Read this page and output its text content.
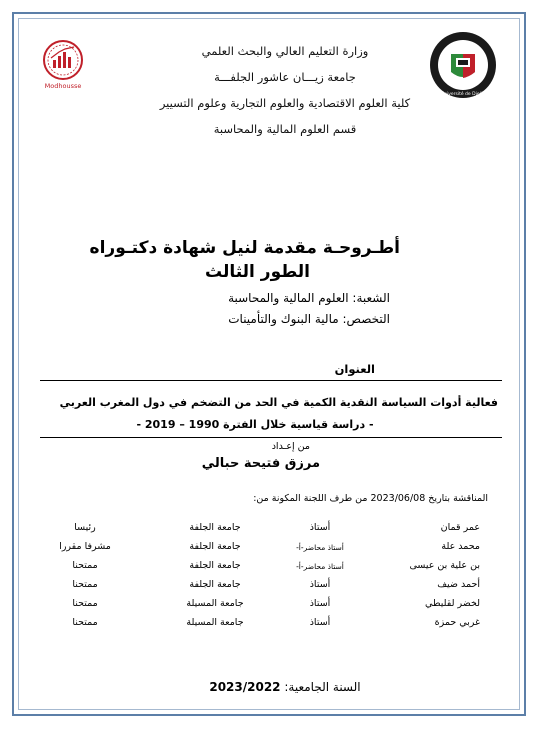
Modhousse
Université de Djelfa
وزارة التعليم العالي والبحث العلمي
جامعة زيـــان عاشور الجلفـــة
كلية العلوم الاقتصادية والعلوم التجارية وعلوم التسيير
قسم العلوم المالية والمحاسبة
أطـروحـة مقدمة لنيل شهادة دكتـوراه
الطور الثالث
الشعبة: العلوم المالية والمحاسبة
التخصص: مالية البنوك والتأمينات
العنوان
فعالية أدوات السياسة النقدية الكمية في الحد من التضخم في دول المغرب العربي
- دراسة قياسية خلال الفترة 1990 – 2019 -
من إعـداد
مرزق فتيحة حبالي
المناقشة بتاريخ 2023/06/08 من طرف اللجنة المكونة من:
عمر قمان
أستاذ
جامعة الجلفة
رئيسا
محمد علة
أستاذ محاضر-أ-
جامعة الجلفة
مشرفا مقررا
بن علية بن عيسى
أستاذ محاضر-أ-
جامعة الجلفة
ممتحنا
أحمد ضيف
أستاذ
جامعة الجلفة
ممتحنا
لخضر لقليطي
أستاذ
جامعة المسيلة
ممتحنا
غربي حمزة
أستاذ
جامعة المسيلة
ممتحنا
السنة الجامعية: 2023/2022
